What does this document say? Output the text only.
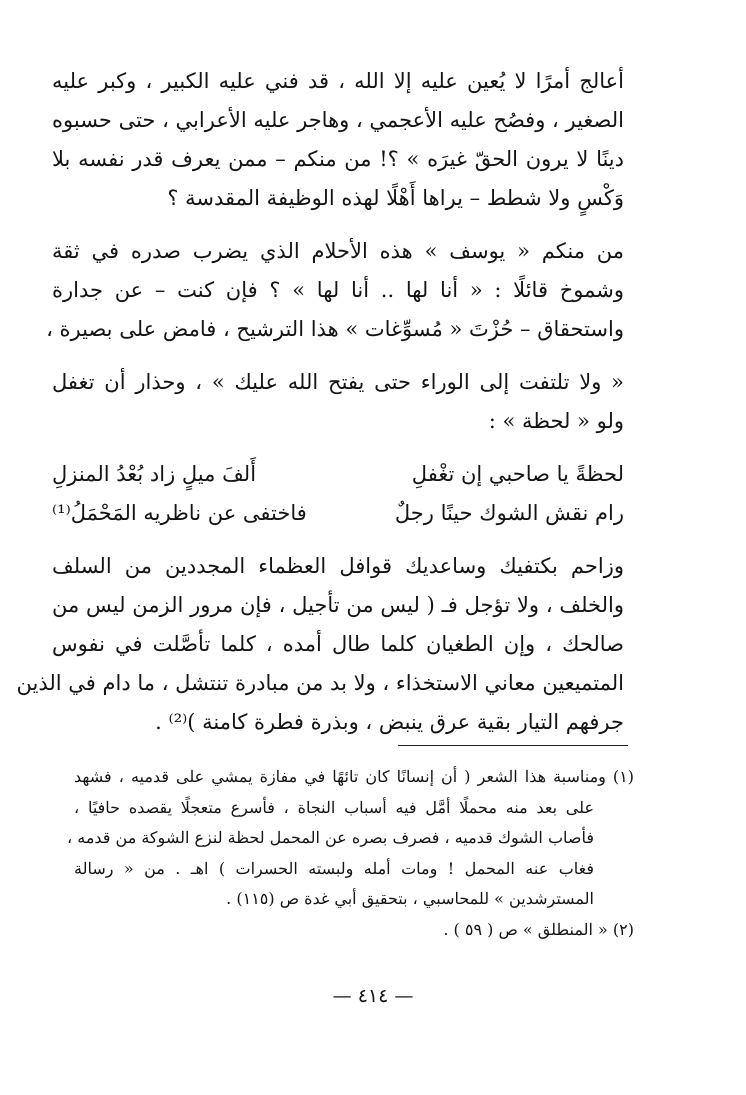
أعالج أمرًا لا يُعين عليه إلا الله ، قد فني عليه الكبير ، وكبر عليه
الصغير ، وفصُح عليه الأعجمي ، وهاجر عليه الأعرابي ، حتى حسبوه
دينًا لا يرون الحقّ غيرَه » ؟! من منكم – ممن يعرف قدر نفسه بلا
وَكْسٍ ولا شطط – يراها أَهْلًا لهذه الوظيفة المقدسة ؟
من منكم « يوسف » هذه الأحلام الذي يضرب صدره في ثقة
وشموخ قائلًا : « أنا لها .. أنا لها » ؟ فإن كنت – عن جدارة
واستحقاق – حُزْتَ « مُسوِّغات » هذا الترشيح ، فامض على بصيرة ،
« ولا تلتفت إلى الوراء حتى يفتح الله عليك » ، وحذار أن تغفل
ولو « لحظة » :
لحظةً يا صاحبي إن تغْفلِ
أَلفَ ميلٍ زاد بُعْدُ المنزلِ
رام نقش الشوك حينًا رجلٌ
فاختفى عن ناظريه المَحْمَلُ⁽¹⁾
وزاحم بكتفيك وساعديك قوافل العظماء المجددين من السلف
والخلف ، ولا تؤجل فـ ( ليس من تأجيل ، فإن مرور الزمن ليس من
صالحك ، وإن الطغيان كلما طال أمده ، كلما تأصَّلت في نفوس
المتميعين معاني الاستخذاء ، ولا بد من مبادرة تنتشل ، ما دام في الذين
جرفهم التيار بقية عرق ينبض ، وبذرة فطرة كامنة )⁽²⁾ .
(١) ومناسبة هذا الشعر ( أن إنسانًا كان تائهًا في مفازة يمشي على قدميه ، فشهد
على بعد منه محملًا أمَّل فيه أسباب النجاة ، فأسرع متعجلًا يقصده حافيًا ،
فأصاب الشوك قدميه ، فصرف بصره عن المحمل لحظة لنزع الشوكة من قدمه ،
فغاب عنه المحمل ! ومات أمله ولبسته الحسرات ) اهـ . من « رسالة
المسترشدين » للمحاسبي ، بتحقيق أبي غدة ص (١١٥) .
(٢) « المنطلق » ص ( ٥٩ ) .
— ٤١٤ —
